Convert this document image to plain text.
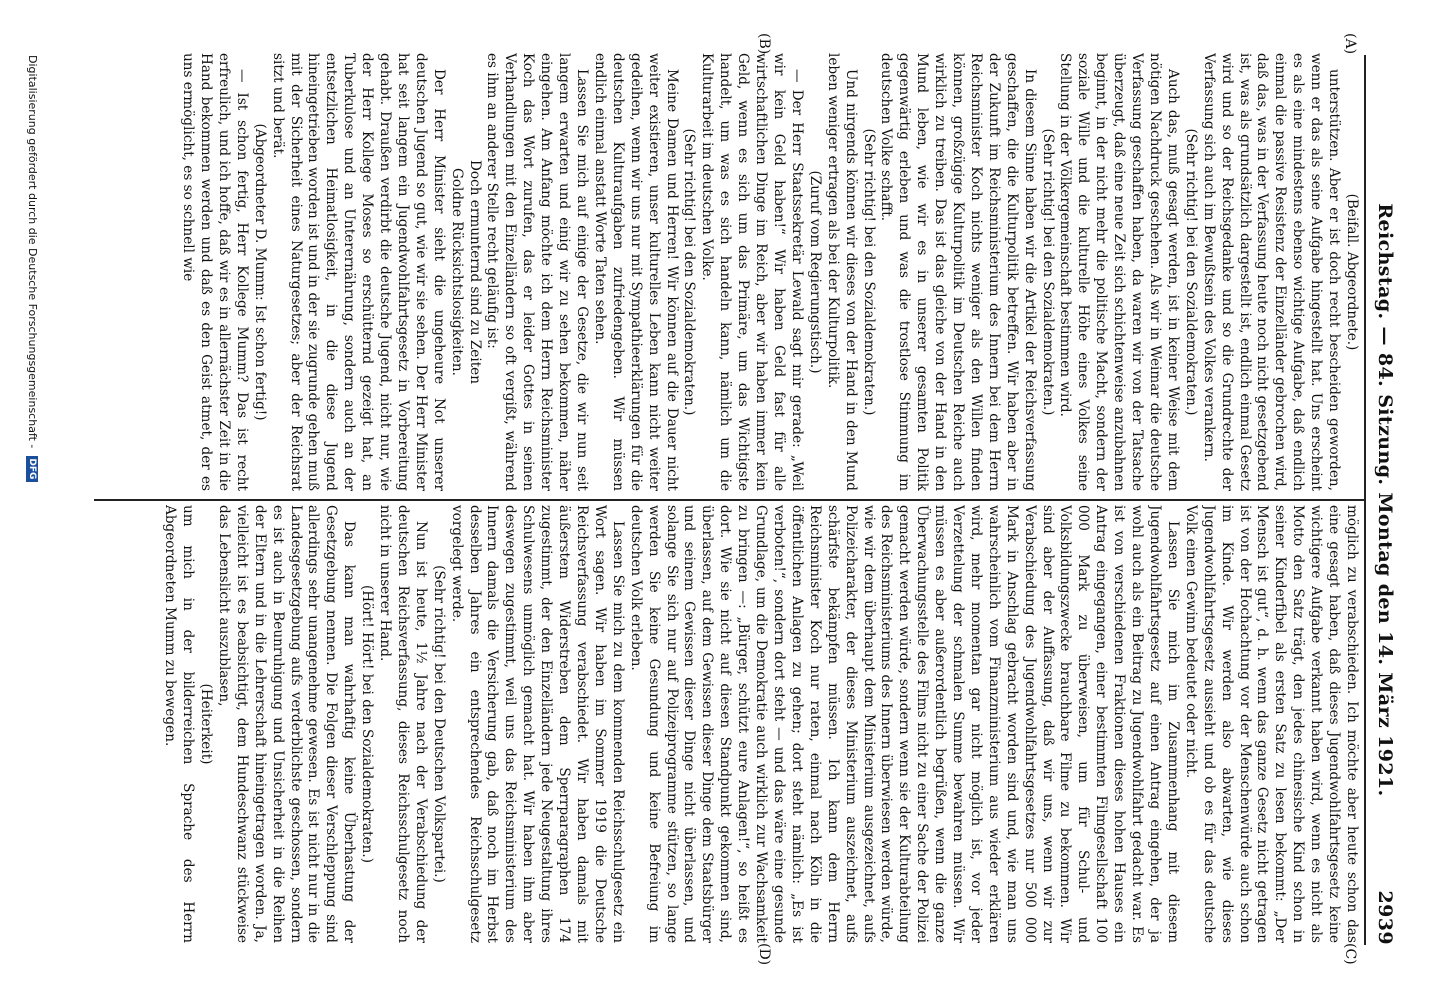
Reichstag. — 84. Sitzung. Montag den 14. März 1921.
2939
(A)
(B)
(C)
(D)

(Beifall. Abgeordnete.)

unterstützen. Aber er ist doch recht bescheiden geworden, wenn er das als seine Aufgabe hingestellt hat. Uns erscheint es als eine mindestens ebenso wichtige Aufgabe, daß endlich einmal die passive Resistenz der Einzelländer gebrochen wird, daß das, was in der Verfassung heute noch nicht gesetzgebend ist, was als grundsätzlich dargestellt ist, endlich einmal Gesetz wird und so der Reichsgedanke und so die Grundrechte der Verfassung sich auch im Bewußtsein des Volkes verankern.

(Sehr richtig! bei den Sozialdemokraten.)

Auch das, muß gesagt werden, ist in keiner Weise mit dem nötigen Nachdruck geschehen. Als wir in Weimar die deutsche Verfassung geschaffen haben, da waren wir von der Tatsache überzeugt, daß eine neue Zeit sich schichtenweise anzubahnen beginnt, in der nicht mehr die politische Macht, sondern der soziale Wille und die kulturelle Höhe eines Volkes seine Stellung in der Völkergemeinschaft bestimmen wird.

(Sehr richtig! bei den Sozialdemokraten.)

In diesem Sinne haben wir die Artikel der Reichsverfassung geschaffen, die die Kulturpolitik betreffen. Wir haben aber in der Zukunft im Reichsministerium des Innern bei dem Herrn Reichsminister Koch nichts weniger als den Willen finden können, großzügige Kulturpolitik im Deutschen Reiche auch wirklich zu treiben. Das ist das gleiche von der Hand in den Mund leben, wie wir es in unserer gesamten Politik gegenwärtig erleben und was die trostlose Stimmung im deutschen Volke schafft.

(Sehr richtig! bei den Sozialdemokraten.)

Und nirgends können wir dieses von der Hand in den Mund leben weniger ertragen als bei der Kulturpolitik.

(Zuruf vom Regierungstisch.)

— Der Herr Staatssekretär Lewald sagt mir gerade: „Weil wir kein Geld haben!“ Wir haben Geld fast für alle wirtschaftlichen Dinge im Reich, aber wir haben immer kein Geld, wenn es sich um das Primäre, um das Wichtigste handelt, um was es sich handeln kann, nämlich um die Kulturarbeit im deutschen Volke.

(Sehr richtig! bei den Sozialdemokraten.)

Meine Damen und Herren! Wir können auf die Dauer nicht weiter existieren, unser kulturelles Leben kann nicht weiter gedeihen, wenn wir uns nur mit Sympathieerklärungen für die deutschen Kulturaufgaben zufriedengeben. Wir müssen endlich einmal anstatt Worte Taten sehen.

Lassen Sie mich auf einige der Gesetze, die wir nun seit langem erwarten und einig wir zu sehen bekommen, näher eingehen. Am Anfang möchte ich dem Herrn Reichsminister Koch das Wort zurufen, das er leider Gottes in seinen Verhandlungen mit den Einzelländern so oft vergißt, während es ihm an anderer Stelle recht geläufig ist:

Doch ermunternd sind zu Zeiten

Goldne Rücksichtslosigkeiten.

Der Herr Minister sieht die ungeheure Not unserer deutschen Jugend so gut, wie wir sie sehen. Der Herr Minister hat seit langem ein Jugendwohlfahrtsgesetz in Vorbereitung gehabt. Draußen verdirbt die deutsche Jugend, nicht nur, wie der Herr Kollege Moses so erschütternd gezeigt hat, an Tuberkulose und an Unterernährung, sondern auch an der entsetzlichen Heimatlosigkeit, in die diese Jugend hineingetrieben worden ist und in der sie zugrunde gehen muß mit der Sicherheit eines Naturgesetzes; aber der Reichsrat sitzt und berät.

(Abgeordneter D. Mumm: Ist schon fertig!)

— Ist schon fertig, Herr Kollege Mumm? Das ist recht erfreulich, und ich hoffe, daß wir es in allernächster Zeit in die Hand bekommen werden und daß es den Geist atmet, der es uns ermöglicht, es so schnell wie

möglich zu verabschieden. Ich möchte aber heute schon das eine gesagt haben, daß dieses Jugendwohlfahrtsgesetz keine wichtigere Aufgabe verkannt haben wird, wenn es nicht als Motto den Satz trägt, den jedes chinesische Kind schon in seiner Kinderfibel als ersten Satz zu lesen bekommt: „Der Mensch ist gut“, d. h. wenn das ganze Gesetz nicht getragen ist von der Hochachtung vor der Menschenwürde auch schon im Kinde. Wir werden also abwarten, wie dieses Jugendwohlfahrtsgesetz aussieht und ob es für das deutsche Volk einen Gewinn bedeutet oder nicht.

Lassen Sie mich im Zusammenhang mit diesem Jugendwohlfahrtsgesetz auf einen Antrag eingehen, der ja wohl auch als ein Beitrag zu Jugendwohlfahrt gedacht war. Es ist von verschiedenen Fraktionen dieses hohen Hauses ein Antrag eingegangen, einer bestimmten Filmgesellschaft 100 000 Mark zu überweisen, um für Schul- und Volksbildungszwecke brauchbare Filme zu bekommen. Wir sind aber der Auffassung, daß wir uns, wenn wir zur Verabschiedung des Jugendwohlfahrtsgesetzes nur 500 000 Mark in Anschlag gebracht worden sind und, wie man uns wahrscheinlich vom Finanzministerium aus wieder erklären wird, mehr momentan gar nicht möglich ist, vor jeder Verzettelung der schmalen Summe bewahren müssen. Wir müssen es aber außerordentlich begrüßen, wenn die ganze Überwachungsstelle des Films nicht zu einer Sache der Polizei gemacht werden würde, sondern wenn sie der Kulturabteilung des Reichsministeriums des Innern überwiesen werden würde, wie wir dem überhaupt dem Ministerium ausgezeichnet, aufs Polizeicharakter, der dieses Ministerium auszeichnet, aufs schärfste bekämpfen müssen. Ich kann dem Herrn Reichsminister Koch nur raten, einmal nach Köln in die öffentlichen Anlagen zu gehen; dort steht nämlich: „Es ist verboten!“, sondern dort steht — und das wäre eine gesunde Grundlage, um die Demokratie auch wirklich zur Wachsamkeit zu bringen —: „Bürger, schützt eure Anlagen!“, so heißt es dort. Wie sie nicht auf diesen Standpunkt gekommen sind, überlassen, auf dem Gewissen dieser Dinge dem Staatsbürger und seinem Gewissen dieser Dinge nicht überlassen, und solange Sie sich nur auf Polizeiprogramme stützen, so lange werden Sie keine Gesundung und keine Befreiung im deutschen Volk erleben.

Lassen Sie mich zu dem kommenden Reichsschulgesetz ein Wort sagen. Wir haben im Sommer 1919 die Deutsche Reichsverfassung verabschiedet. Wir haben damals mit äußerstem Widerstreben dem Sperrparagraphen 174 zugestimmt, der den Einzelländern jede Neugestaltung ihres Schulwesens unmöglich gemacht hat. Wir haben ihm aber deswegen zugestimmt, weil uns das Reichsministerium des Innern damals die Versicherung gab, daß noch im Herbst desselben Jahres ein entsprechendes Reichsschulgesetz vorgelegt werde.

(Sehr richtig! bei den Deutschen Volkspartei.)

Nun ist heute, 1½ Jahre nach der Verabschiedung der deutschen Reichsverfassung, dieses Reichsschulgesetz noch nicht in unserer Hand.

(Hört! Hört! bei den Sozialdemokraten.)

Das kann man wahrhaftig keine Überhastung der Gesetzgebung nennen. Die Folgen dieser Verschleppung sind allerdings sehr unangenehme gewesen. Es ist nicht nur in die Landesgesetzgebung aufs verderblichste geschossen, sondern es ist auch in Beunruhigung und Unsicherheit in die Reihen der Eltern und in die Lehrerschaft hineingetragen worden. Ja, vielleicht ist es beabsichtigt, dem Hundeschwanz stückweise das Lebenslicht auszublasen,

(Heiterkeit)

um mich in der bilderreichen Sprache des Herrn Abgeordneten Mumm zu bewegen.

Digitalisierung gefördert durch die Deutsche Forschungsgemeinschaft - DFG
